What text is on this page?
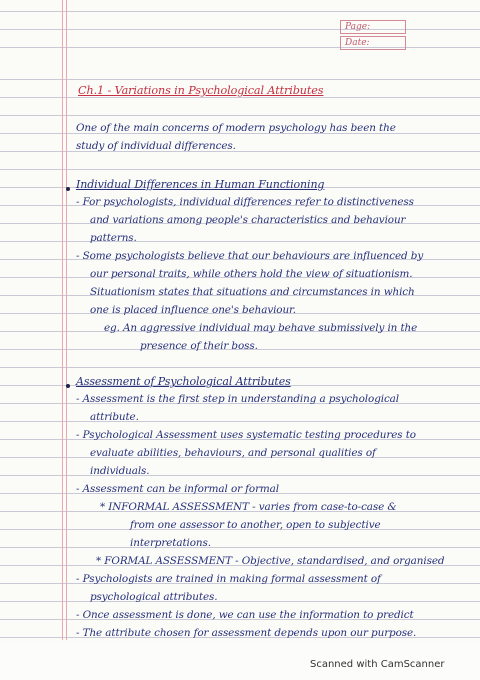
Page:
Date:
Ch.1 - Variations in Psychological Attributes
One of the main concerns of modern psychology has been the
study of individual differences.
Individual Differences in Human Functioning
- For psychologists, individual differences refer to distinctiveness
and variations among people's characteristics and behaviour
patterns.
- Some psychologists believe that our behaviours are influenced by
our personal traits, while others hold the view of situationism.
Situationism states that situations and circumstances in which
one is placed influence one's behaviour.
eg. An aggressive individual may behave submissively in the
presence of their boss.
Assessment of Psychological Attributes
- Assessment is the first step in understanding a psychological
attribute.
- Psychological Assessment uses systematic testing procedures to
evaluate abilities, behaviours, and personal qualities of
individuals.
- Assessment can be informal or formal
* INFORMAL ASSESSMENT - varies from case-to-case &
from one assessor to another, open to subjective
interpretations.
* FORMAL ASSESSMENT - Objective, standardised, and organised
- Psychologists are trained in making formal assessment of
psychological attributes.
- Once assessment is done, we can use the information to predict
- The attribute chosen for assessment depends upon our purpose.
Scanned with CamScanner
